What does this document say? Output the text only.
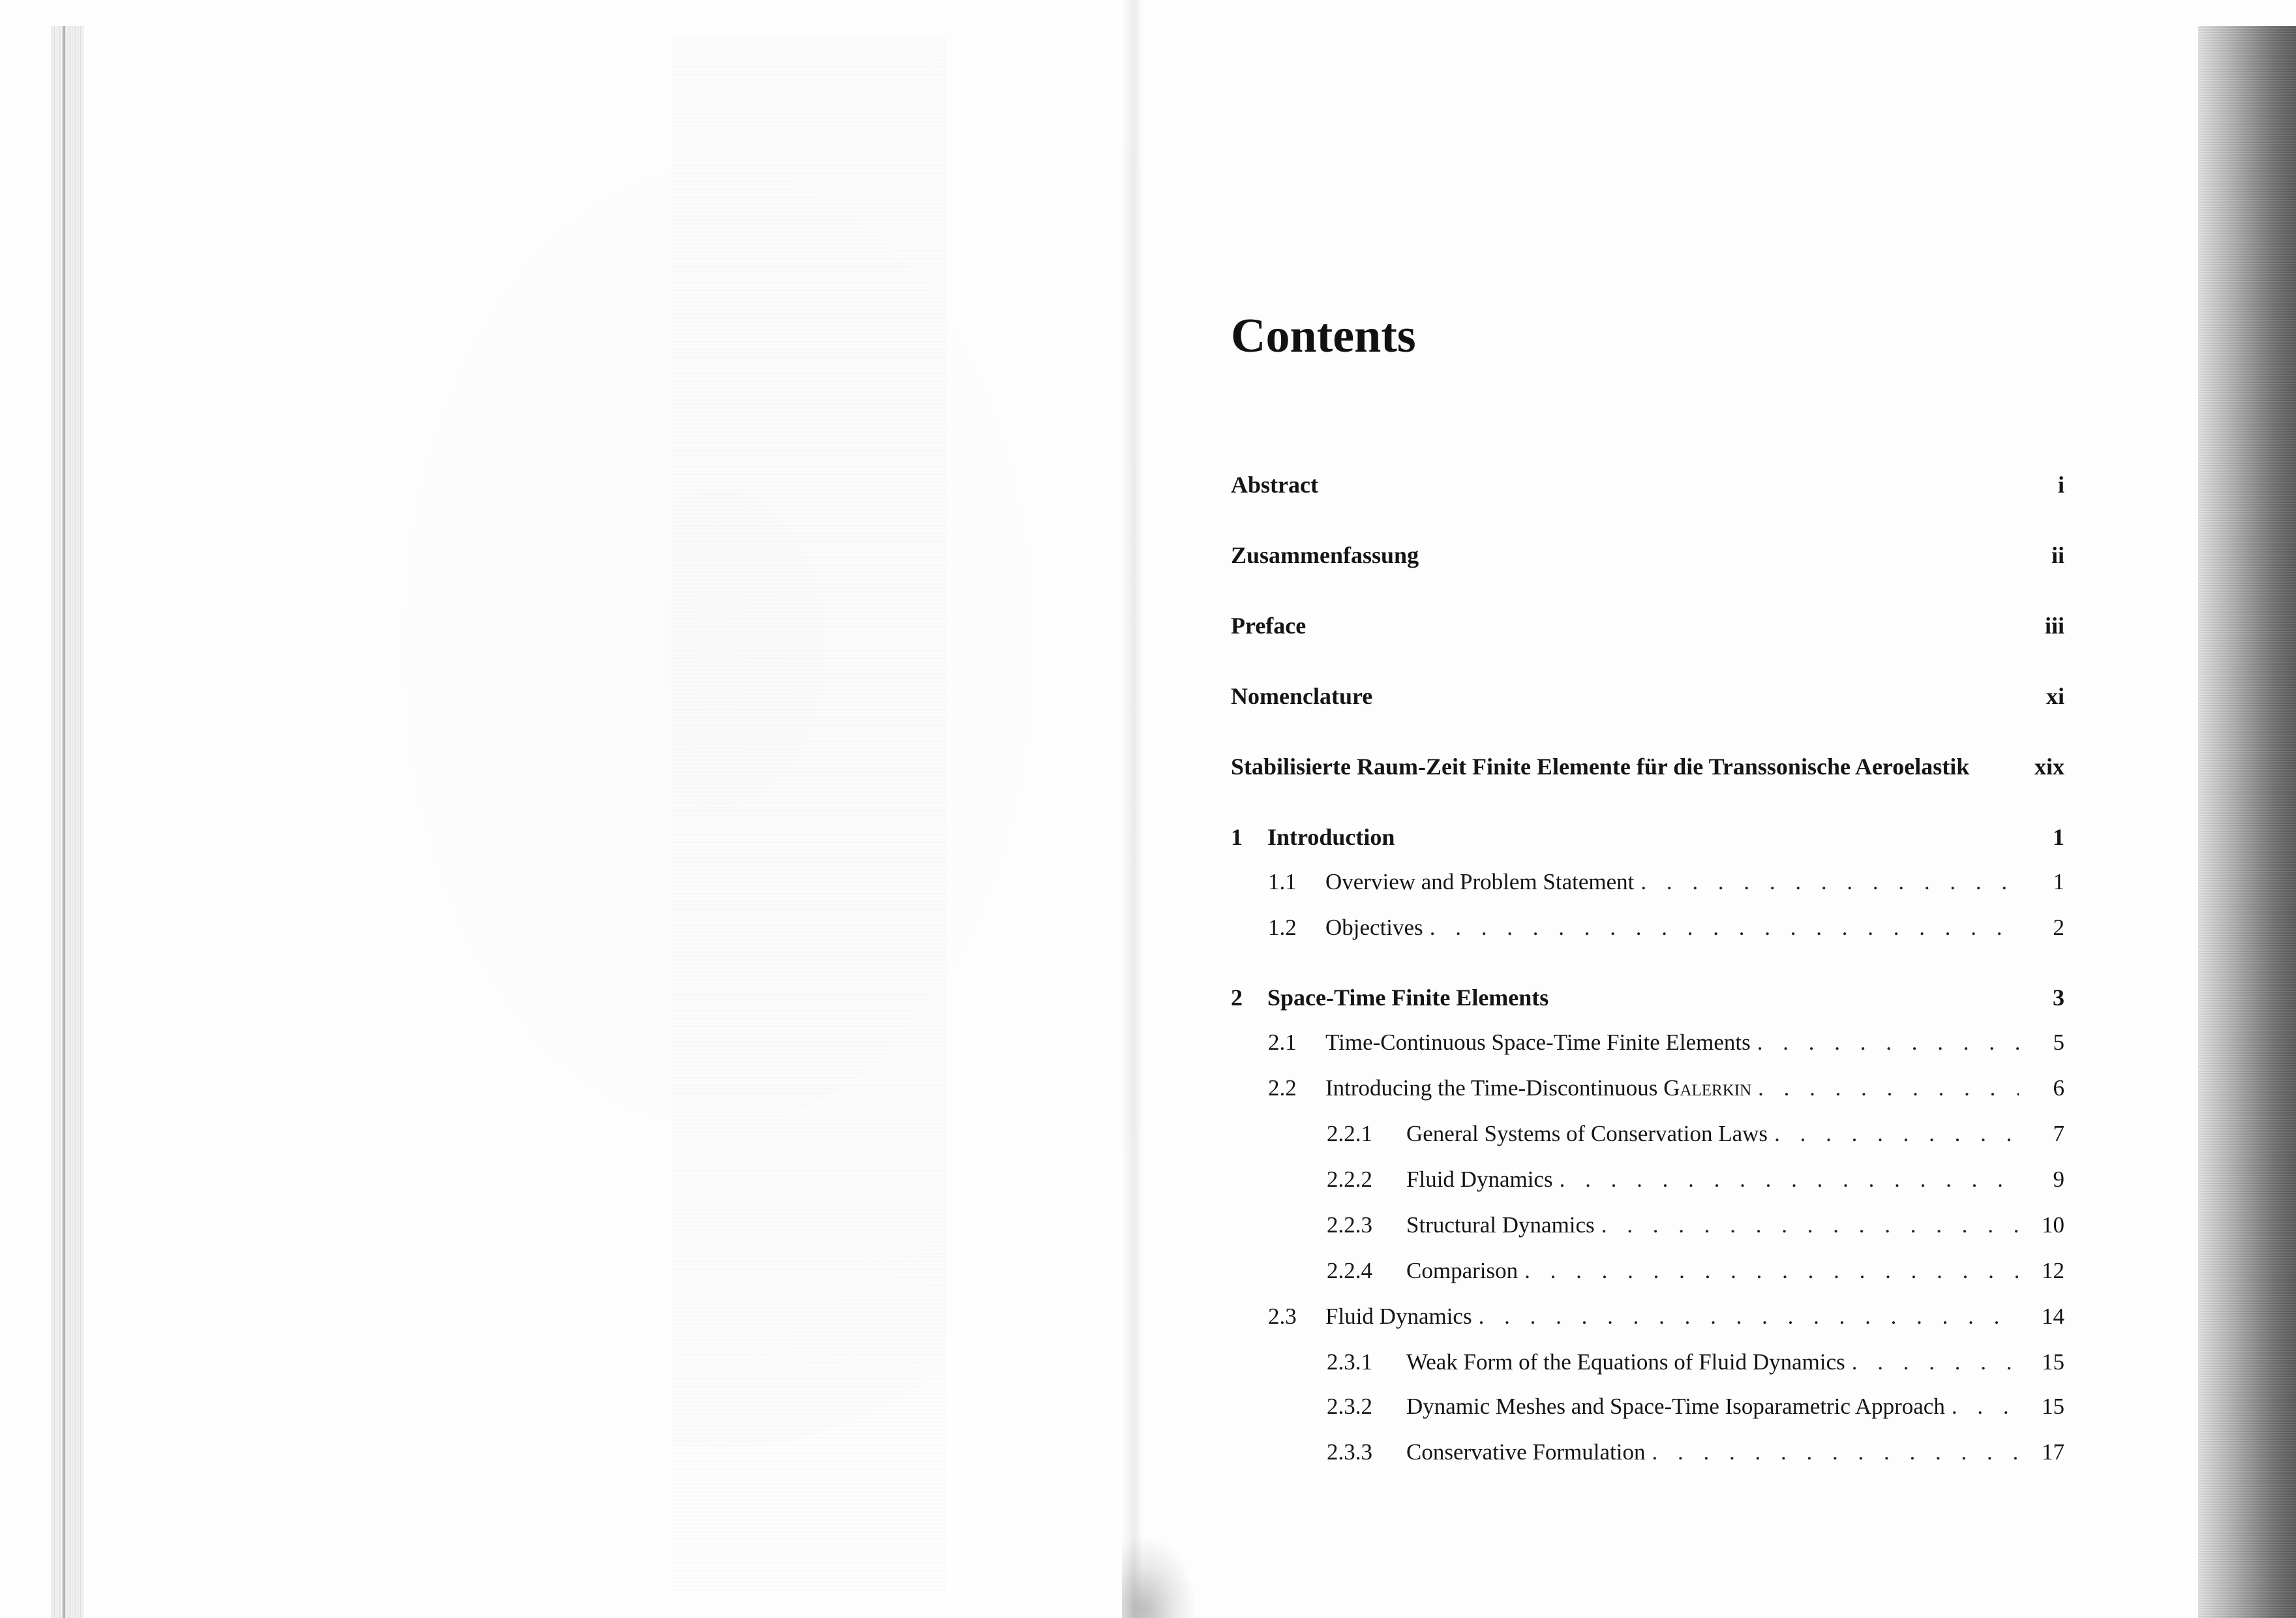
Contents
Abstract	i
Zusammenfassung	ii
Preface	iii
Nomenclature	xi
Stabilisierte Raum-Zeit Finite Elemente für die Transsonische Aeroelastik	xix
1	Introduction	1
1.1	Overview and Problem Statement . . .	1
1.2	Objectives . . .	2
2	Space-Time Finite Elements	3
2.1	Time-Continuous Space-Time Finite Elements . . .	5
2.2	Introducing the Time-Discontinuous Galerkin . . .	6
2.2.1	General Systems of Conservation Laws . . .	7
2.2.2	Fluid Dynamics . . .	9
2.2.3	Structural Dynamics . . .	10
2.2.4	Comparison . . .	12
2.3	Fluid Dynamics . . .	14
2.3.1	Weak Form of the Equations of Fluid Dynamics . . .	15
2.3.2	Dynamic Meshes and Space-Time Isoparametric Approach . . .	15
2.3.3	Conservative Formulation . . .	17
